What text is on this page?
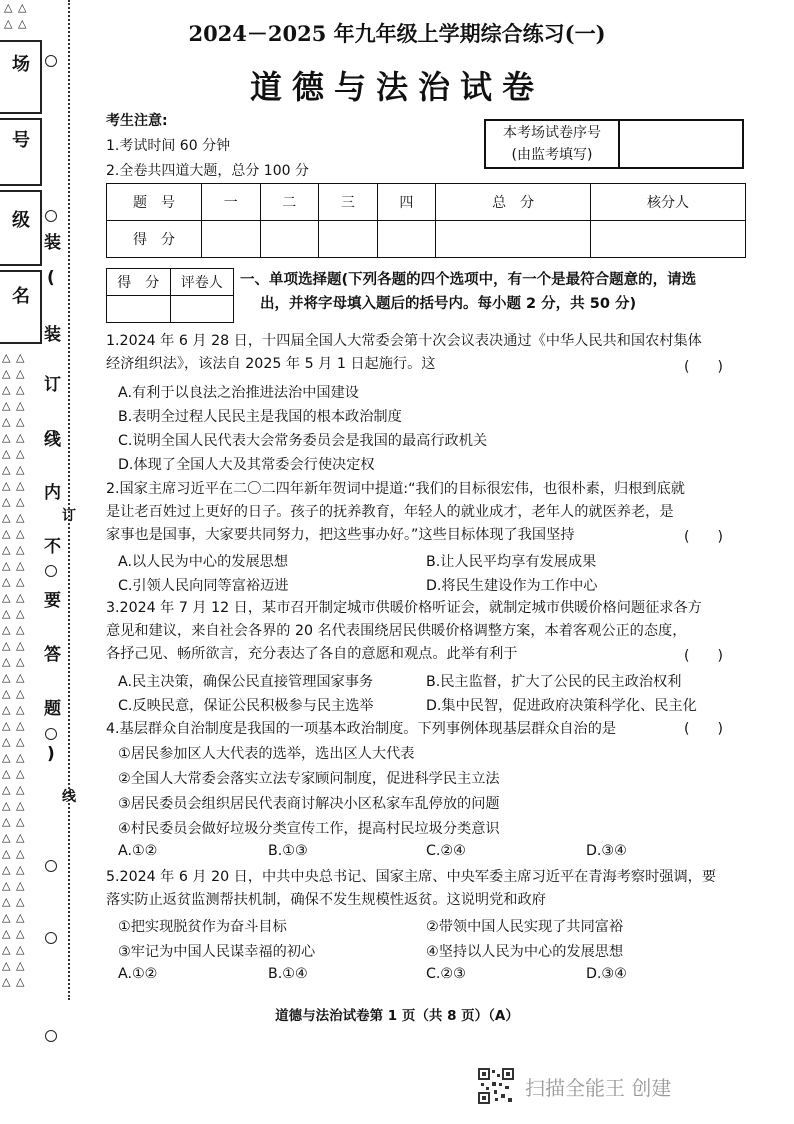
△ △
△ △
场
号
级
名
△ △
△ △
△ △
△ △
△ △
△ △
△ △
△ △
△ △
△ △
△ △
△ △
△ △
△ △
△ △
△ △
△ △
△ △
△ △
△ △
△ △
△ △
△ △
△ △
△ △
△ △
△ △
△ △
△ △
△ △
△ △
△ △
△ △
△ △
△ △
△ △
△ △
△ △
△ △
△ △
装
(
装
订
线
内
不
要
答
题
)
线
订
2024－2025 年九年级上学期综合练习(一)
道德与法治试卷
考生注意:
1.考试时间 60 分钟
2.全卷共四道大题，总分 100 分
本考场试卷序号
(由监考填写)

题　号	一	二	三	四	总　分	核分人
得　分						
得　分	评卷人
	一、单项选择题(下列各题的四个选项中，有一个是最符合题意的，请选
出，并将字母填入题后的括号内。每小题 2 分，共 50 分)
1.2024 年 6 月 28 日，十四届全国人大常委会第十次会议表决通过《中华人民共和国农村集体
经济组织法》，该法自 2025 年 5 月 1 日起施行。这	(　　)
A.有利于以良法之治推进法治中国建设
B.表明全过程人民民主是我国的根本政治制度
C.说明全国人民代表大会常务委员会是我国的最高行政机关
D.体现了全国人大及其常委会行使决定权
2.国家主席习近平在二〇二四年新年贺词中提道:“我们的目标很宏伟，也很朴素，归根到底就
是让老百姓过上更好的日子。孩子的抚养教育，年轻人的就业成才，老年人的就医养老，是
家事也是国事，大家要共同努力，把这些事办好。”这些目标体现了我国坚持	(　　)
A.以人民为中心的发展思想	B.让人民平均享有发展成果
C.引领人民向同等富裕迈进	D.将民生建设作为工作中心
3.2024 年 7 月 12 日，某市召开制定城市供暖价格听证会，就制定城市供暖价格问题征求各方
意见和建议，来自社会各界的 20 名代表围绕居民供暖价格调整方案，本着客观公正的态度，
各抒己见、畅所欲言，充分表达了各自的意愿和观点。此举有利于	(　　)
A.民主决策，确保公民直接管理国家事务	B.民主监督，扩大了公民的民主政治权利
C.反映民意，保证公民积极参与民主选举	D.集中民智，促进政府决策科学化、民主化
4.基层群众自治制度是我国的一项基本政治制度。下列事例体现基层群众自治的是	(　　)
①居民参加区人大代表的选举，选出区人大代表
②全国人大常委会落实立法专家顾问制度，促进科学民主立法
③居民委员会组织居民代表商讨解决小区私家车乱停放的问题
④村民委员会做好垃圾分类宣传工作，提高村民垃圾分类意识
A.①②	B.①③	C.②④	D.③④
5.2024 年 6 月 20 日，中共中央总书记、国家主席、中央军委主席习近平在青海考察时强调，要
落实防止返贫监测帮扶机制，确保不发生规模性返贫。这说明党和政府
①把实现脱贫作为奋斗目标	②带领中国人民实现了共同富裕
③牢记为中国人民谋幸福的初心	④坚持以人民为中心的发展思想
A.①②	B.①④	C.②③	D.③④
道德与法治试卷第 1 页（共 8 页）（A）
扫描全能王 创建
